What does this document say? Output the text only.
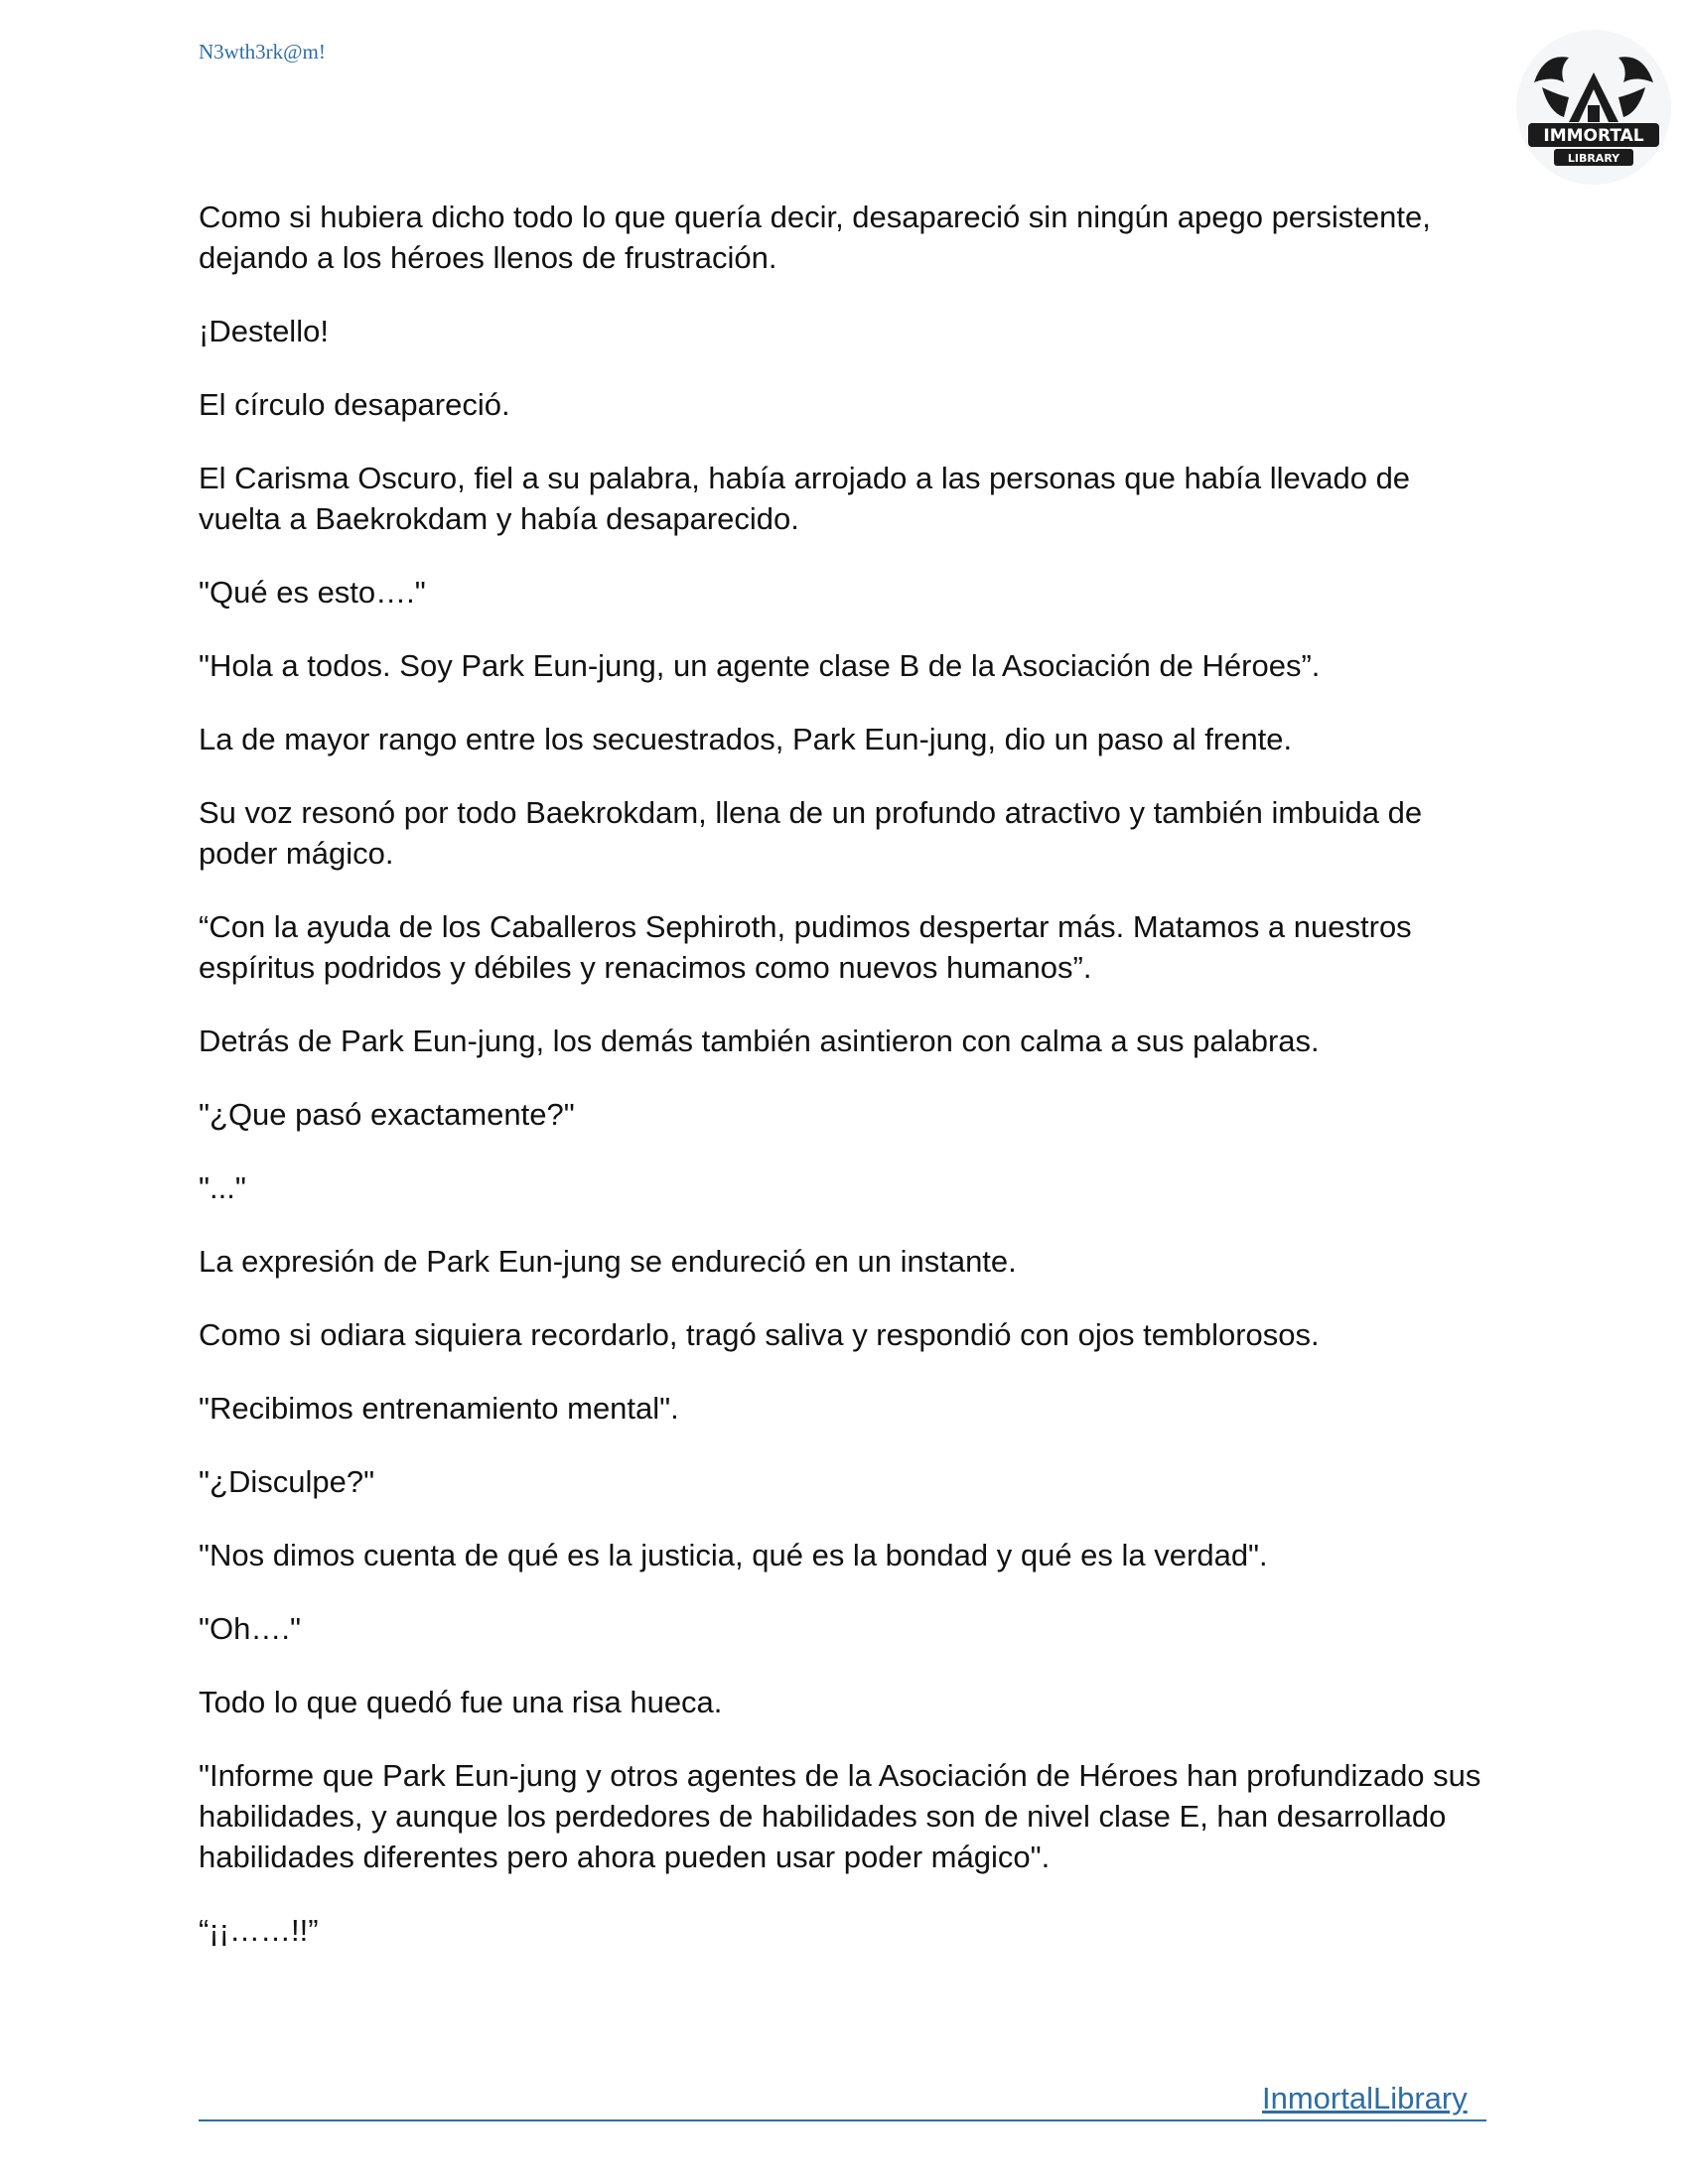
N3wth3rk@m!
IMMORTAL
LIBRARY

Como si hubiera dicho todo lo que quería decir, desapareció sin ningún apego persistente, dejando a los héroes llenos de frustración.

¡Destello!

El círculo desapareció.

El Carisma Oscuro, fiel a su palabra, había arrojado a las personas que había llevado de vuelta a Baekrokdam y había desaparecido.

"Qué es esto…."

"Hola a todos. Soy Park Eun-jung, un agente clase B de la Asociación de Héroes”.

La de mayor rango entre los secuestrados, Park Eun-jung, dio un paso al frente.

Su voz resonó por todo Baekrokdam, llena de un profundo atractivo y también imbuida de poder mágico.

“Con la ayuda de los Caballeros Sephiroth, pudimos despertar más. Matamos a nuestros espíritus podridos y débiles y renacimos como nuevos humanos”.

Detrás de Park Eun-jung, los demás también asintieron con calma a sus palabras.

"¿Que pasó exactamente?"

"..."

La expresión de Park Eun-jung se endureció en un instante.

Como si odiara siquiera recordarlo, tragó saliva y respondió con ojos temblorosos.

"Recibimos entrenamiento mental".

"¿Disculpe?"

"Nos dimos cuenta de qué es la justicia, qué es la bondad y qué es la verdad".

"Oh…."

Todo lo que quedó fue una risa hueca.

"Informe que Park Eun-jung y otros agentes de la Asociación de Héroes han profundizado sus habilidades, y aunque los perdedores de habilidades son de nivel clase E, han desarrollado habilidades diferentes pero ahora pueden usar poder mágico".

“¡¡……!!”

InmortalLibrary
